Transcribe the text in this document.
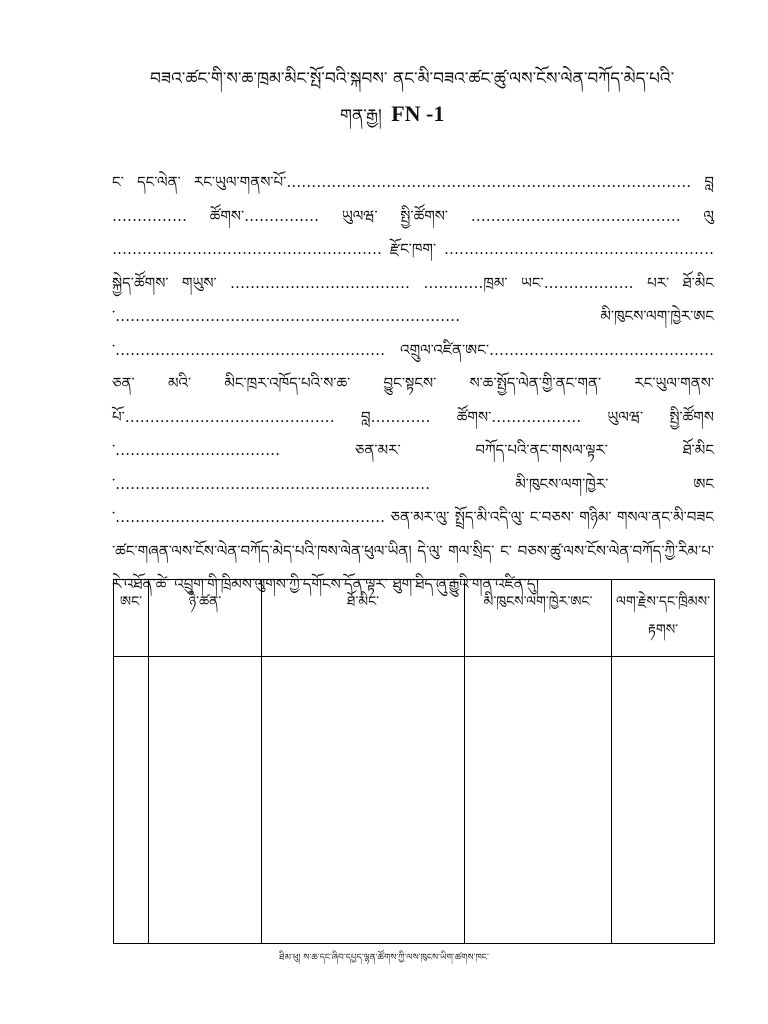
བཟའ་ཚང་གི་ས་ཆ་ཁྲམ་མིང་སྤོ་བའི་སྐབས་ ནང་མི་བཟའ་ཚང་ཚུ་ལས་ངོས་ལེན་བཀོད་མེད་པའི་
གན་རྒྱ། FN -1
ང་ དང་ལེན་ རང་ཡུལ་གནས་པོ་……………………………………………………………………… བླ …………… ཚོགས་…………… ཡུལཝ་ སྤྱི་ཚོགས་ …………………………………… ལུ ……………………………………………… རྫོང་ཁག་ ……………………………………………… སྐྱེད་ཚོགས་ གཡུས་ ……………………………… …………ཁྲམ་ ཡང་……………… པར་ ཐོ་མིང་…………………………………………………………… མི་ཁུངས་ལག་ཁྱེར་ཨང་……………………………………………… འགྲུལ་འཛིན་ཨང་……………………………………… ཅན་ མའི་ མིང་ཁྲར་འཁོད་པའི་ས་ཆ་ བྱུང་སྟངས་ ས་ཆ་སྤྱོད་ལེན་གྱི་ནང་གན་ རང་ཡུལ་གནས་པོ་…………………………………… བླ………… ཚོགས་……………… ཡུལཝ་ སྤྱི་ཚོགས་…………………………… ཅན་མར་ བཀོད་པའི་ནང་གསལ་ལྟར་ ཐོ་མིང་……………………………………………………… མི་ཁུངས་ལག་ཁྱེར་ ཨང་……………………………………………… ཅན་མར་ལུ་ སྤྲོད་མི་འདི་ལུ་ ང་བཅས་ གཉིམ་ གསལ་ནང་མི་བཟང་ཚང་གཞན་ལས་ངོས་ལེན་བཀོད་མེད་པའི་ཁས་ལེན་ཕུལ་ཡིན། དེ་ལུ་ གལ་སྲིད་ ང་ བཅས་ཚུ་ལས་ངོས་ལེན་བཀོད་ཀྱི་རིམ་པ་རེ་འཐོན་ཚེ་ འབྲུག་གི་ཁྲིམས་ལུགས་ཀྱི་དགོངས་དོན་ལྟར་ ཐུག་ཐིད་ཞུ་རྒྱུའི་གན་འཛིན་དུ།
ཨང་	ཉེ་ཚན་	ཐོ་མིང་	མི་ཁུངས་ལག་ཁྱེར་ཨང་	ལག་རྗེས་དང་ཁྲིམས་རྟགས་

ཐིམ་ཕུ། ས་ཆ་དང་ཞིབ་དཔྱད་ལྷན་ཚོགས་ཀྱི་ལས་ཁུངས་ཡིག་ཚགས་ཁང་
